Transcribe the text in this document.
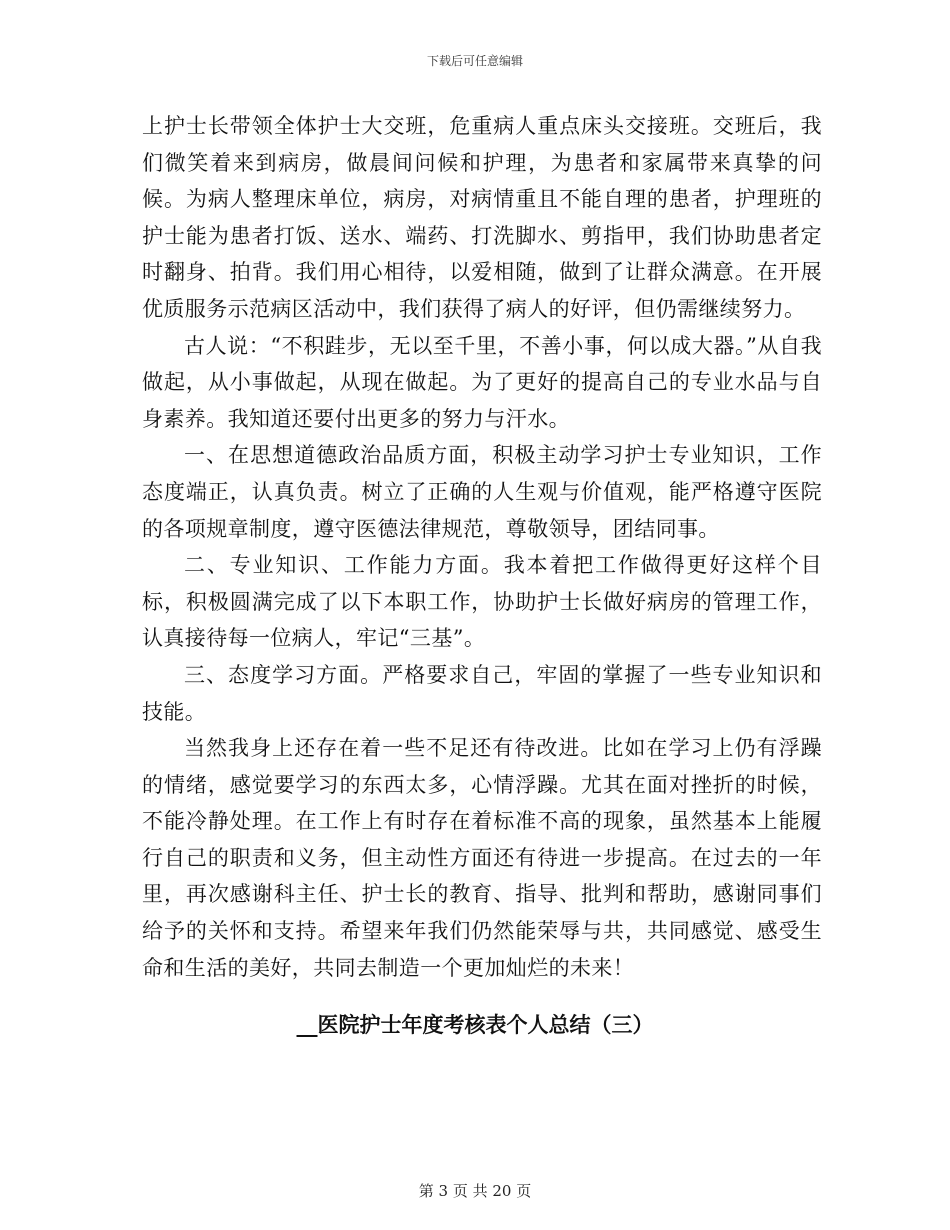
下载后可任意编辑

上护士长带领全体护士大交班，危重病人重点床头交接班。交班后，我们微笑着来到病房，做晨间问候和护理，为患者和家属带来真挚的问候。为病人整理床单位，病房，对病情重且不能自理的患者，护理班的护士能为患者打饭、送水、端药、打洗脚水、剪指甲，我们协助患者定时翻身、拍背。我们用心相待，以爱相随，做到了让群众满意。在开展优质服务示范病区活动中，我们获得了病人的好评，但仍需继续努力。

古人说：“不积跬步，无以至千里，不善小事，何以成大器。”从自我做起，从小事做起，从现在做起。为了更好的提高自己的专业水品与自身素养。我知道还要付出更多的努力与汗水。

一、在思想道德政治品质方面，积极主动学习护士专业知识，工作态度端正，认真负责。树立了正确的人生观与价值观，能严格遵守医院的各项规章制度，遵守医德法律规范，尊敬领导，团结同事。

二、专业知识、工作能力方面。我本着把工作做得更好这样个目标，积极圆满完成了以下本职工作，协助护士长做好病房的管理工作，认真接待每一位病人，牢记“三基”。

三、态度学习方面。严格要求自己，牢固的掌握了一些专业知识和技能。

当然我身上还存在着一些不足还有待改进。比如在学习上仍有浮躁的情绪，感觉要学习的东西太多，心情浮躁。尤其在面对挫折的时候，不能冷静处理。在工作上有时存在着标准不高的现象，虽然基本上能履行自己的职责和义务，但主动性方面还有待进一步提高。在过去的一年里，再次感谢科主任、护士长的教育、指导、批判和帮助，感谢同事们给予的关怀和支持。希望来年我们仍然能荣辱与共，共同感觉、感受生命和生活的美好，共同去制造一个更加灿烂的未来！

__医院护士年度考核表个人总结（三）
第 3 页 共 20 页
